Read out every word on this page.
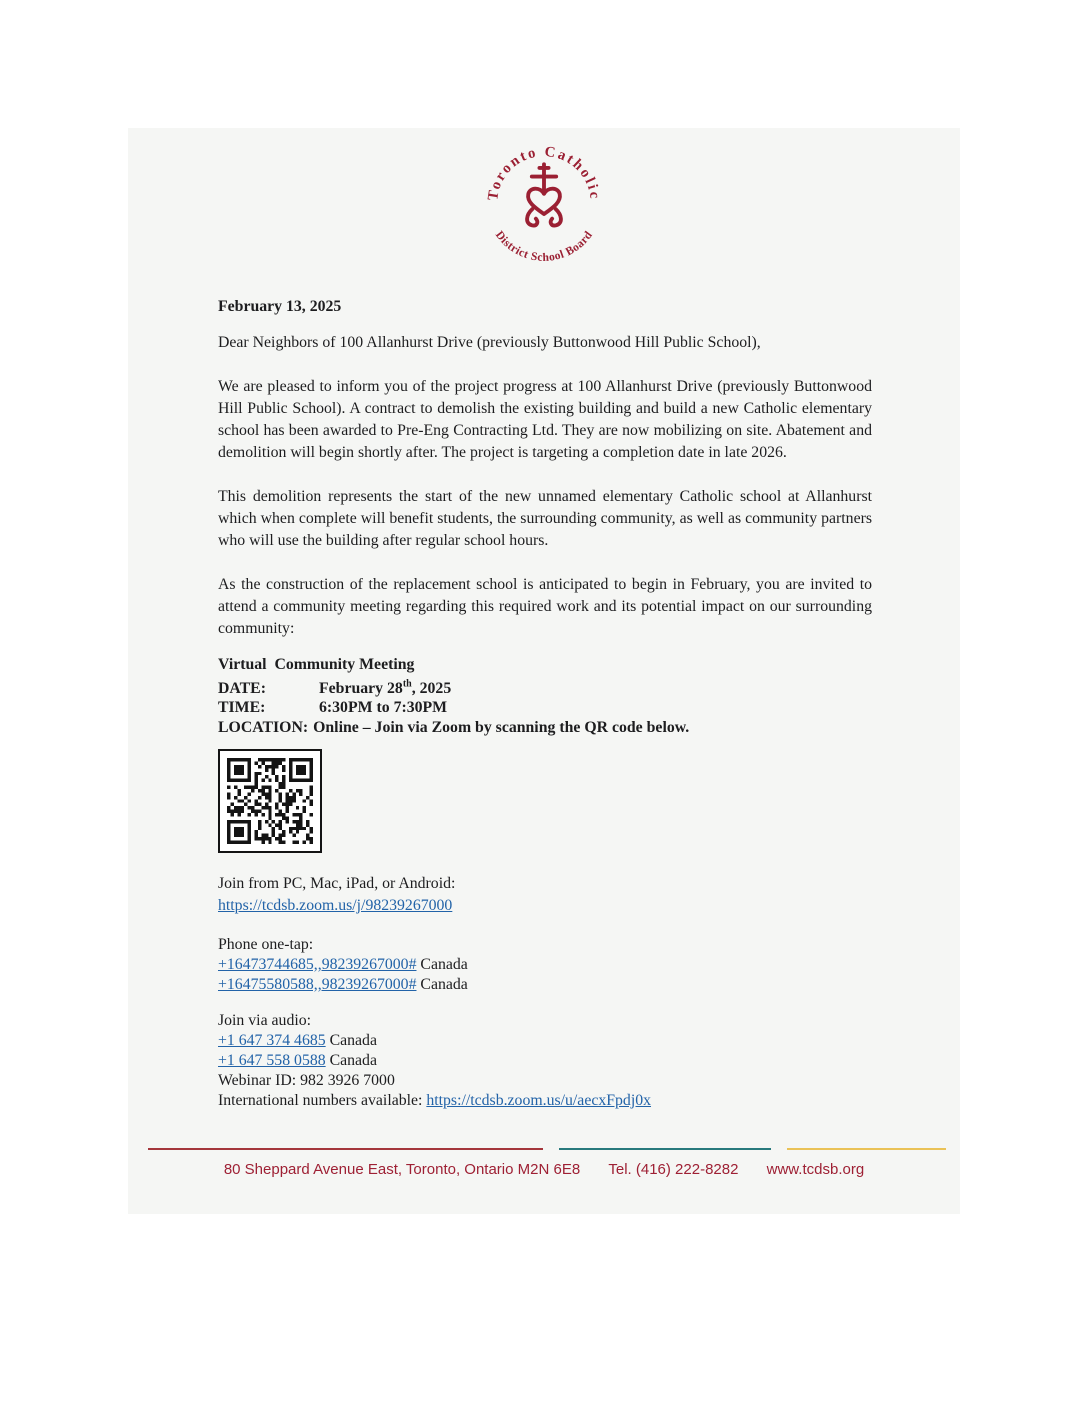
Toronto Catholic
District School Board

February 13, 2025

Dear Neighbors of 100 Allanhurst Drive (previously Buttonwood Hill Public School),

We are pleased to inform you of the project progress at 100 Allanhurst Drive (previously Buttonwood Hill Public School). A contract to demolish the existing building and build a new Catholic elementary school has been awarded to Pre-Eng Contracting Ltd. They are now mobilizing on site. Abatement and demolition will begin shortly after. The project is targeting a completion date in late 2026.

This demolition represents the start of the new unnamed elementary Catholic school at Allanhurst which when complete will benefit students, the surrounding community, as well as community partners who will use the building after regular school hours.

As the construction of the replacement school is anticipated to begin in February, you are invited to attend a community meeting regarding this required work and its potential impact on our surrounding community:

Virtual  Community Meeting
DATE:	February 28th, 2025
TIME:	6:30PM to 7:30PM
LOCATION: Online – Join via Zoom by scanning the QR code below.
Join from PC, Mac, iPad, or Android:
https://tcdsb.zoom.us/j/98239267000
Phone one-tap:
+16473744685,,98239267000# Canada
+16475580588,,98239267000# Canada
Join via audio:
+1 647 374 4685 Canada
+1 647 558 0588 Canada
Webinar ID: 982 3926 7000
International numbers available: https://tcdsb.zoom.us/u/aecxFpdj0x
80 Sheppard Avenue East, Toronto, Ontario M2N 6E8 Tel. (416) 222-8282 www.tcdsb.org
